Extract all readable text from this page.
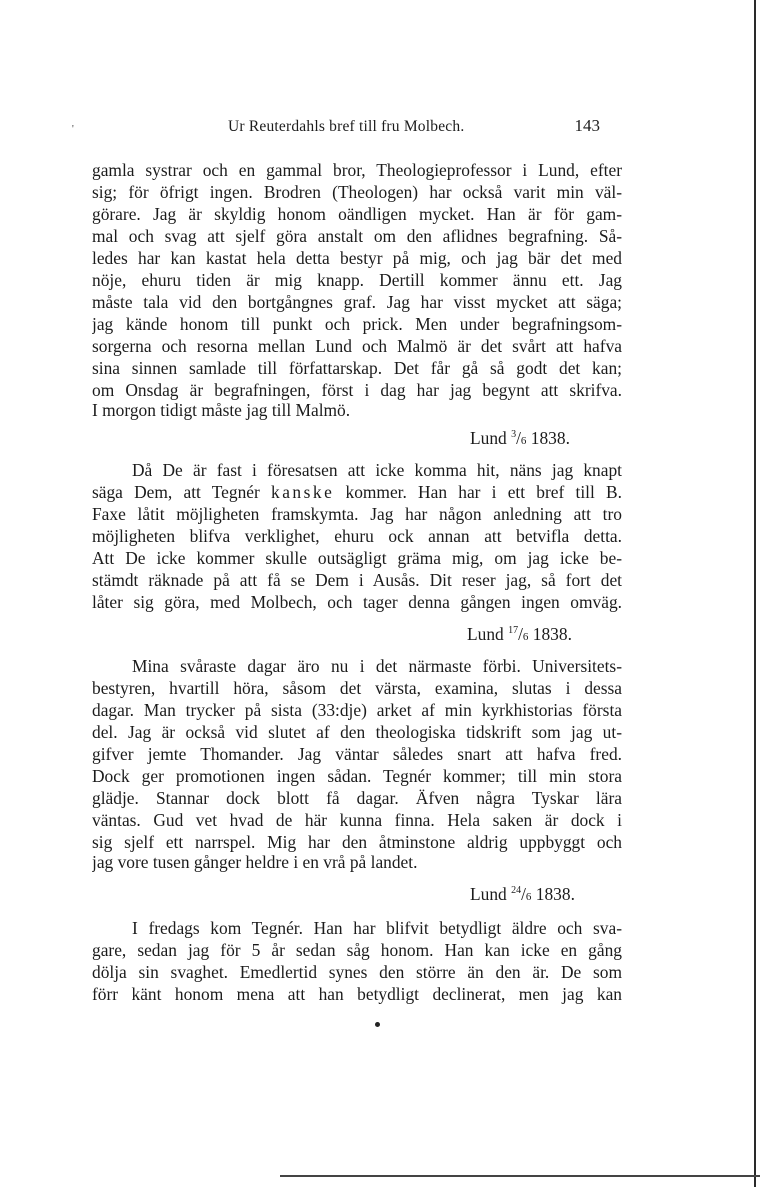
'	Ur Reuterdahls bref till fru Molbech.	143
gamla systrar och en gammal bror, Theologieprofessor i Lund, efter
sig; för öfrigt ingen. Brodren (Theologen) har också varit min väl-
görare. Jag är skyldig honom oändligen mycket. Han är för gam-
mal och svag att sjelf göra anstalt om den aflidnes begrafning. Så-
ledes har kan kastat hela detta bestyr på mig, och jag bär det med
nöje, ehuru tiden är mig knapp. Dertill kommer ännu ett. Jag
måste tala vid den bortgångnes graf. Jag har visst mycket att säga;
jag kände honom till punkt och prick. Men under begrafningsom-
sorgerna och resorna mellan Lund och Malmö är det svårt att hafva
sina sinnen samlade till författarskap. Det får gå så godt det kan;
om Onsdag är begrafningen, först i dag har jag begynt att skrifva.
I morgon tidigt måste jag till Malmö.
Lund $^3$/6 1838.
Då De är fast i föresatsen att icke komma hit, näns jag knapt
säga Dem, att Tegnér kanske kommer. Han har i ett bref till B.
Faxe låtit möjligheten framskymta. Jag har någon anledning att tro
möjligheten blifva verklighet, ehuru ock annan att betvifla detta.
Att De icke kommer skulle outsägligt gräma mig, om jag icke be-
stämdt räknade på att få se Dem i Ausås. Dit reser jag, så fort det
låter sig göra, med Molbech, och tager denna gången ingen omväg.
Lund $^{17}$/6 1838.
Mina svåraste dagar äro nu i det närmaste förbi. Universitets-
bestyren, hvartill höra, såsom det värsta, examina, slutas i dessa
dagar. Man trycker på sista (33:dje) arket af min kyrkhistorias första
del. Jag är också vid slutet af den theologiska tidskrift som jag ut-
gifver jemte Thomander. Jag väntar således snart att hafva fred.
Dock ger promotionen ingen sådan. Tegnér kommer; till min stora
glädje. Stannar dock blott få dagar. Äfven några Tyskar lära
väntas. Gud vet hvad de här kunna finna. Hela saken är dock i
sig sjelf ett narrspel. Mig har den åtminstone aldrig uppbyggt och
jag vore tusen gånger heldre i en vrå på landet.
Lund $^{24}$/6 1838.
I fredags kom Tegnér. Han har blifvit betydligt äldre och sva-
gare, sedan jag för 5 år sedan såg honom. Han kan icke en gång
dölja sin svaghet. Emedlertid synes den större än den är. De som
förr känt honom mena att han betydligt declinerat, men jag kan
